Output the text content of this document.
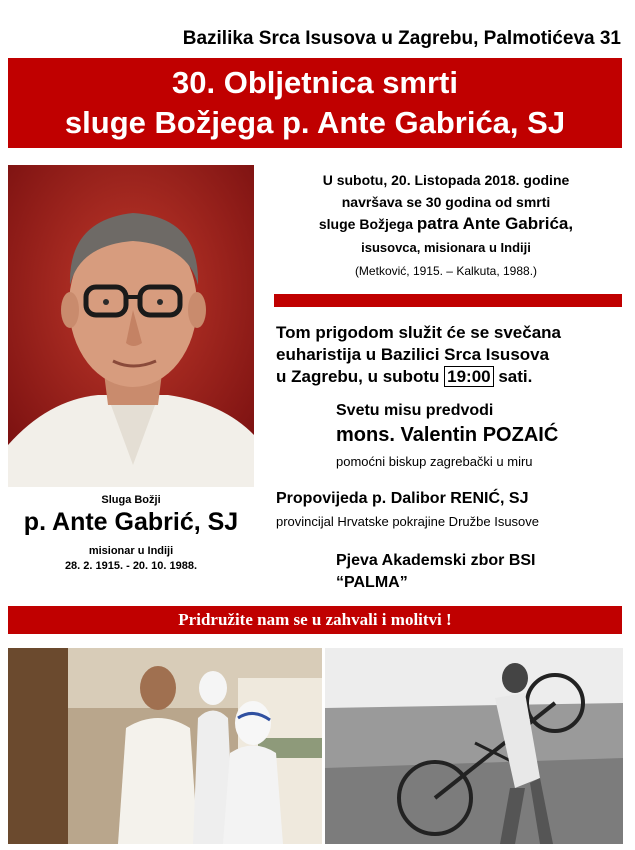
Bazilika Srca Isusova u Zagrebu, Palmotićeva 31
30. Obljetnica smrti
sluge Božjega p. Ante Gabrića, SJ
Sluga Božji
p. Ante Gabrić, SJ
misionar u Indiji
28. 2. 1915. - 20. 10. 1988.
U subotu, 20. Listopada 2018. godine
navršava se 30 godina od smrti
sluge Božjega patra Ante Gabrića,
isusovca, misionara u Indiji
(Metković, 1915. – Kalkuta, 1988.)
Tom prigodom služit će se svečana
euharistija u Bazilici Srca Isusova
u Zagrebu, u subotu 19:00 sati.
Svetu misu predvodi
mons. Valentin POZAIĆ
pomoćni biskup zagrebački u miru
Propovijeda p. Dalibor RENIĆ, SJ
provincijal Hrvatske pokrajine Družbe Isusove
Pjeva Akademski zbor BSI
“PALMA”
Pridružite nam se u zahvali i molitvi !
